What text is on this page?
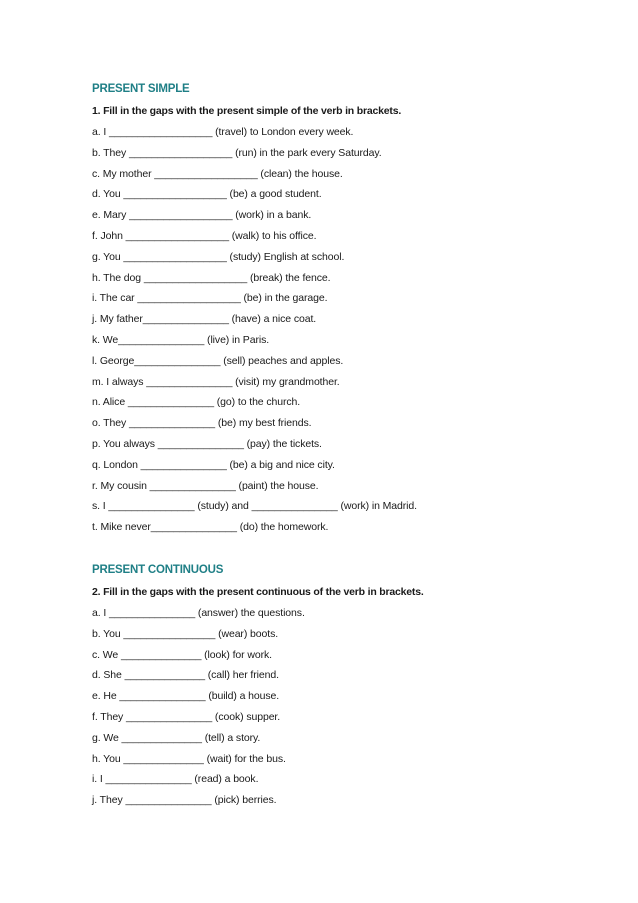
PRESENT SIMPLE

1. Fill in the gaps with the present simple of the verb in brackets.

a. I __________________ (travel) to London every week.

b. They __________________ (run) in the park every Saturday.

c. My mother __________________ (clean) the house.

d. You __________________ (be) a good student.

e. Mary __________________ (work) in a bank.

f. John __________________ (walk) to his office.

g. You __________________ (study) English at school.

h. The dog __________________ (break) the fence.

i. The car __________________ (be) in the garage.

j. My father_______________ (have) a nice coat.

k. We_______________ (live) in Paris.

l. George_______________ (sell) peaches and apples.

m. I always _______________ (visit) my grandmother.

n. Alice _______________ (go) to the church.

o. They _______________ (be) my best friends.

p. You always _______________ (pay) the tickets.

q. London _______________ (be) a big and nice city.

r. My cousin _______________ (paint) the house.

s. I _______________ (study) and _______________ (work) in Madrid.

t. Mike never_______________ (do) the homework.

PRESENT CONTINUOUS

2. Fill in the gaps with the present continuous of the verb in brackets.

a. I _______________ (answer) the questions.

b. You ________________ (wear) boots.

c. We ______________ (look) for work.

d. She ______________ (call) her friend.

e. He _______________ (build) a house.

f. They _______________ (cook) supper.

g. We ______________ (tell) a story.

h. You ______________ (wait) for the bus.

i. I _______________ (read) a book.

j. They _______________ (pick) berries.
